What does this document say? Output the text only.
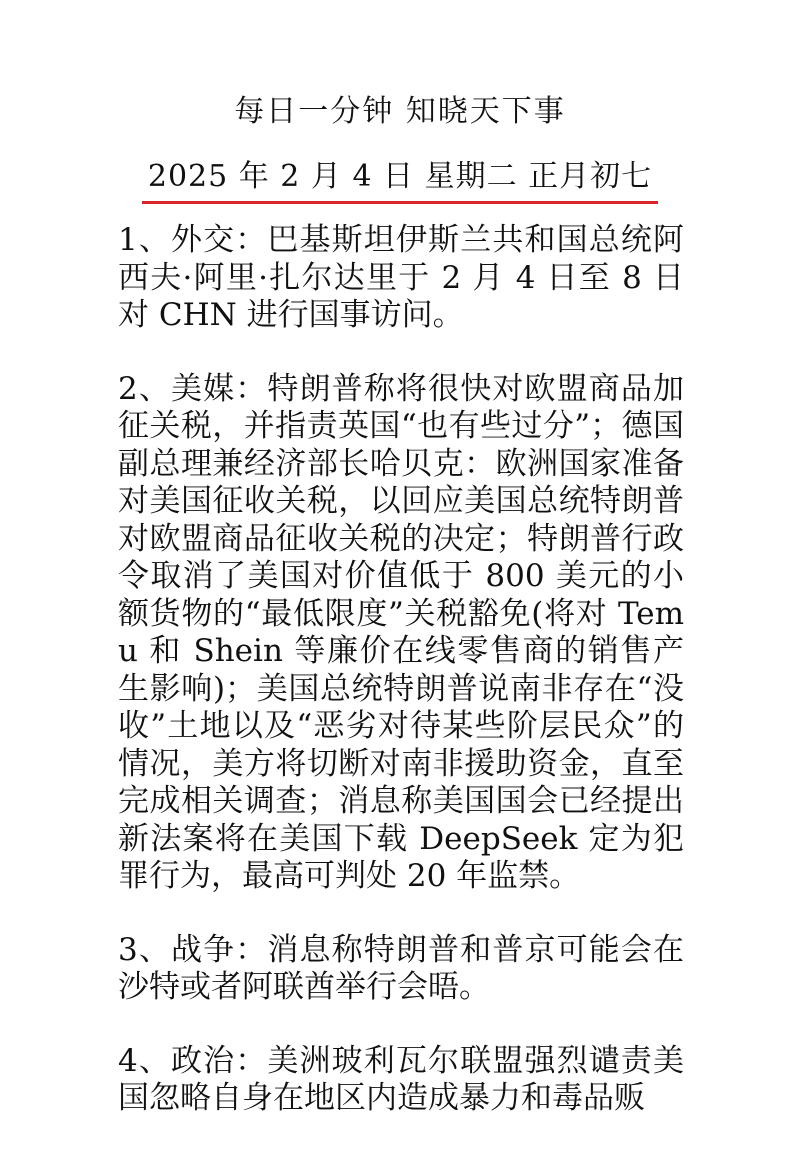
每日一分钟 知晓天下事
2025 年 2 月 4 日 星期二 正月初七

1、外交：巴基斯坦伊斯兰共和国总统阿西夫·阿里·扎尔达里于 2 月 4 日至 8 日对 CHN 进行国事访问。

2、美媒：特朗普称将很快对欧盟商品加征关税，并指责英国“也有些过分”；德国副总理兼经济部长哈贝克：欧洲国家准备对美国征收关税，以回应美国总统特朗普对欧盟商品征收关税的决定；特朗普行政令取消了美国对价值低于 800 美元的小额货物的“最低限度”关税豁免(将对 Temu 和 Shein 等廉价在线零售商的销售产生影响)；美国总统特朗普说南非存在“没收”土地以及“恶劣对待某些阶层民众”的情况，美方将切断对南非援助资金，直至完成相关调查；消息称美国国会已经提出新法案将在美国下载 DeepSeek 定为犯罪行为，最高可判处 20 年监禁。

3、战争：消息称特朗普和普京可能会在沙特或者阿联酋举行会晤。

4、政治：美洲玻利瓦尔联盟强烈谴责美国忽略自身在地区内造成暴力和毒品贩
